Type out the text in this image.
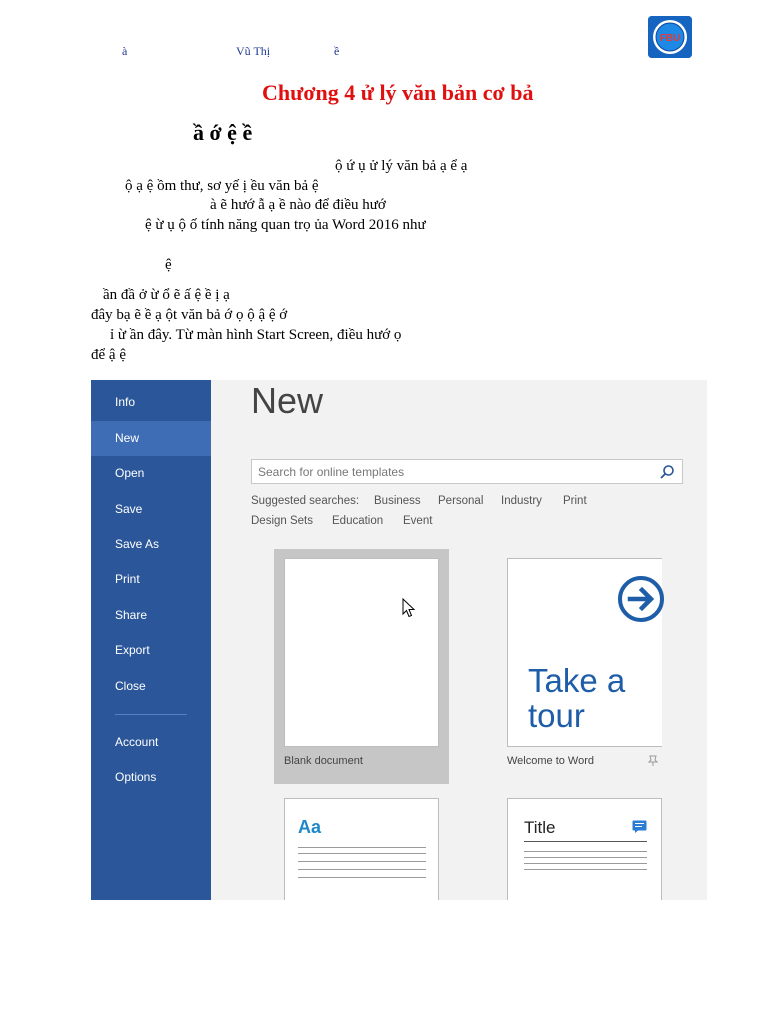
à	Vũ Thị	ề
FBU
Chương 4 ử lý văn bản cơ bả
ầ ớ ệ ề
ộ ứ ụ ử lý văn bả ạ ể ạ
ộ ạ ệ ồm thư, sơ yế ị ều văn bả ệ
à ẽ hướ ẫ ạ ề nào để điều hướ
ệ ừ ụ ộ ố tính năng quan trọ ủa Word 2016 như
ệ
ần đầ ở ừ ổ ẽ ấ ệ ề ị ạ
đây bạ ẽ ề ạ ột văn bả ớ ọ ộ ậ ệ ớ
ỉ ừ ần đây. Từ màn hình Start Screen, điều hướ ọ
để ậ ệ
Info
New
Open
Save
Save As
Print
Share
Export
Close
Account
Options
New
Search for online templates
Suggested searches: Business Personal Industry Print
Design Sets Education Event
Blank document
Take a tour
Welcome to Word
Aa	Title
